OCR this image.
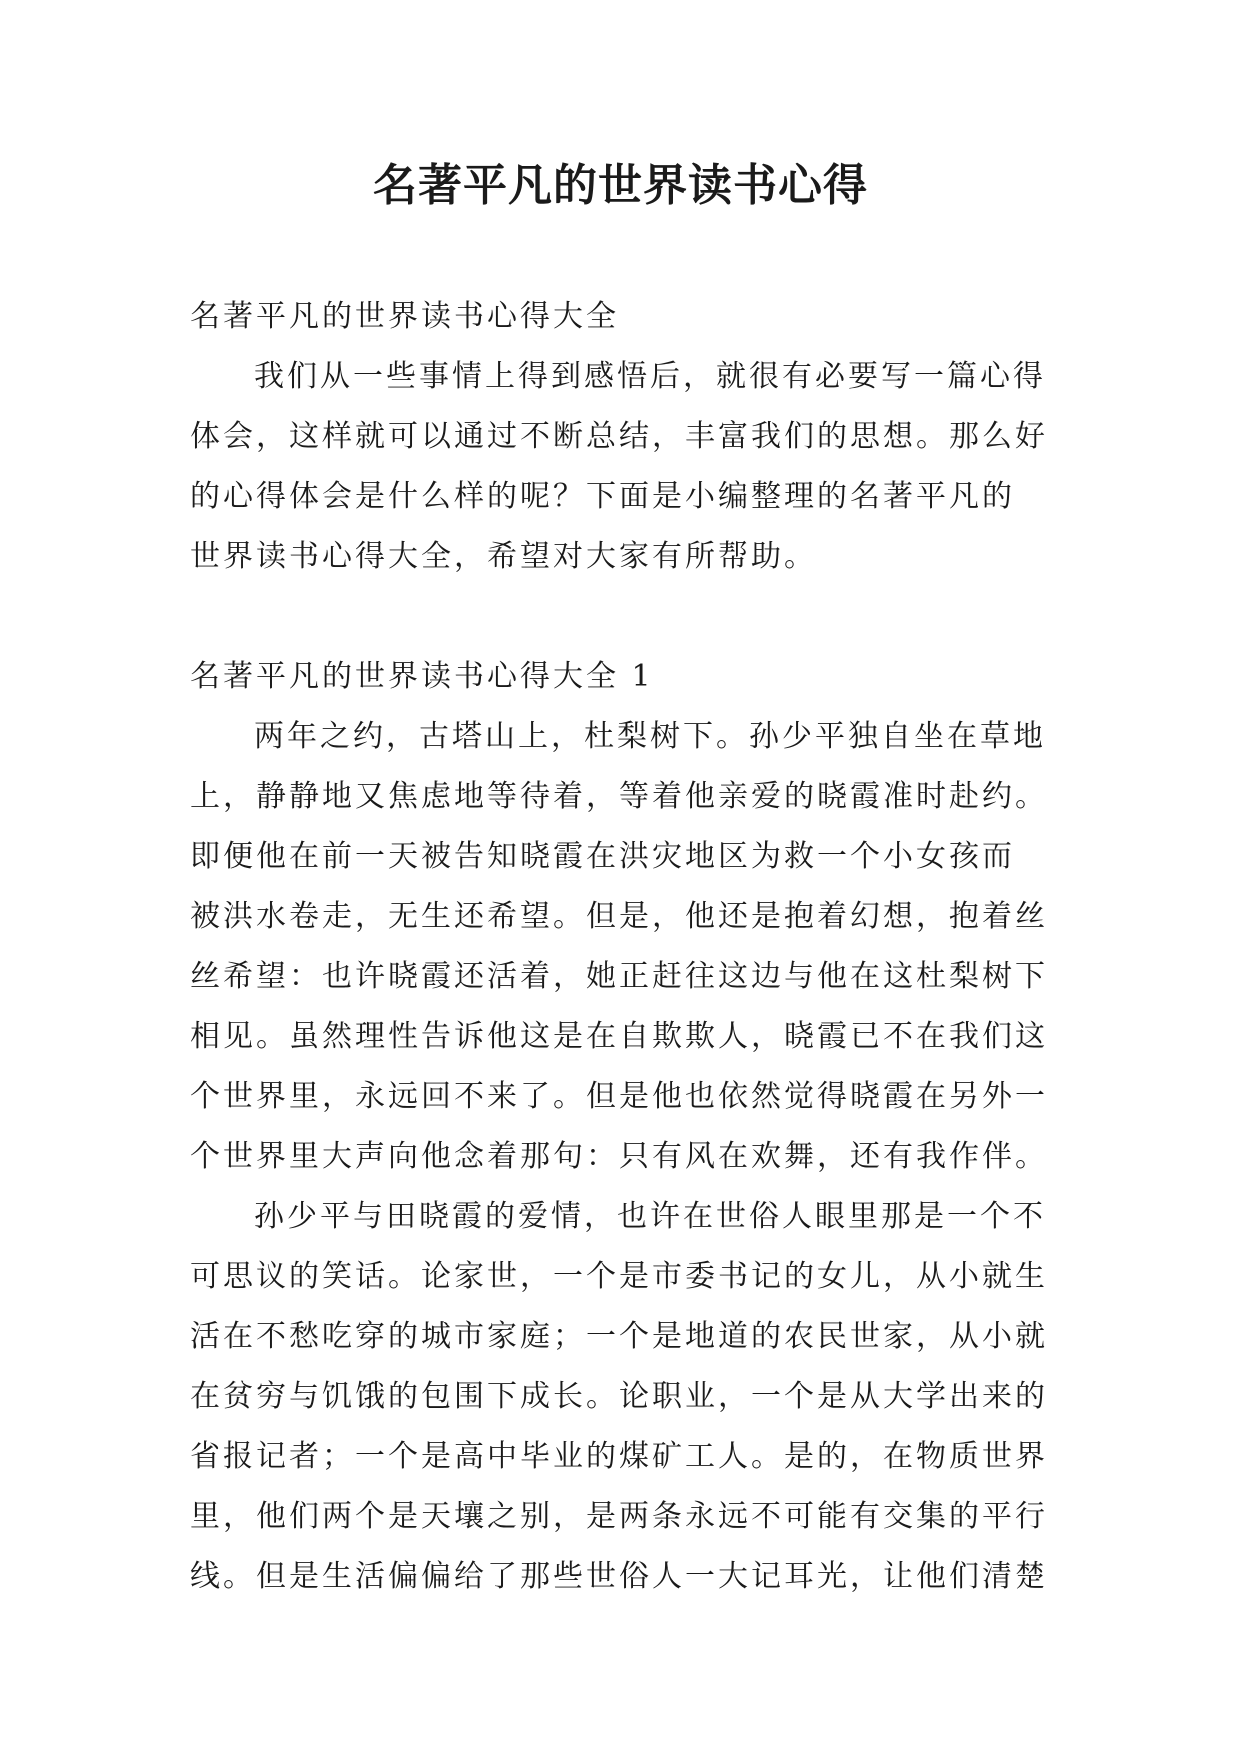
名著平凡的世界读书心得

名著平凡的世界读书心得大全

我们从一些事情上得到感悟后，就很有必要写一篇心得
体会，这样就可以通过不断总结，丰富我们的思想。那么好
的心得体会是什么样的呢？下面是小编整理的名著平凡的
世界读书心得大全，希望对大家有所帮助。

名著平凡的世界读书心得大全 1

两年之约，古塔山上，杜梨树下。孙少平独自坐在草地
上，静静地又焦虑地等待着，等着他亲爱的晓霞准时赴约。
即便他在前一天被告知晓霞在洪灾地区为救一个小女孩而
被洪水卷走，无生还希望。但是，他还是抱着幻想，抱着丝
丝希望：也许晓霞还活着，她正赶往这边与他在这杜梨树下
相见。虽然理性告诉他这是在自欺欺人，晓霞已不在我们这
个世界里，永远回不来了。但是他也依然觉得晓霞在另外一
个世界里大声向他念着那句：只有风在欢舞，还有我作伴。

孙少平与田晓霞的爱情，也许在世俗人眼里那是一个不
可思议的笑话。论家世，一个是市委书记的女儿，从小就生
活在不愁吃穿的城市家庭；一个是地道的农民世家，从小就
在贫穷与饥饿的包围下成长。论职业，一个是从大学出来的
省报记者；一个是高中毕业的煤矿工人。是的，在物质世界
里，他们两个是天壤之别，是两条永远不可能有交集的平行
线。但是生活偏偏给了那些世俗人一大记耳光，让他们清楚
